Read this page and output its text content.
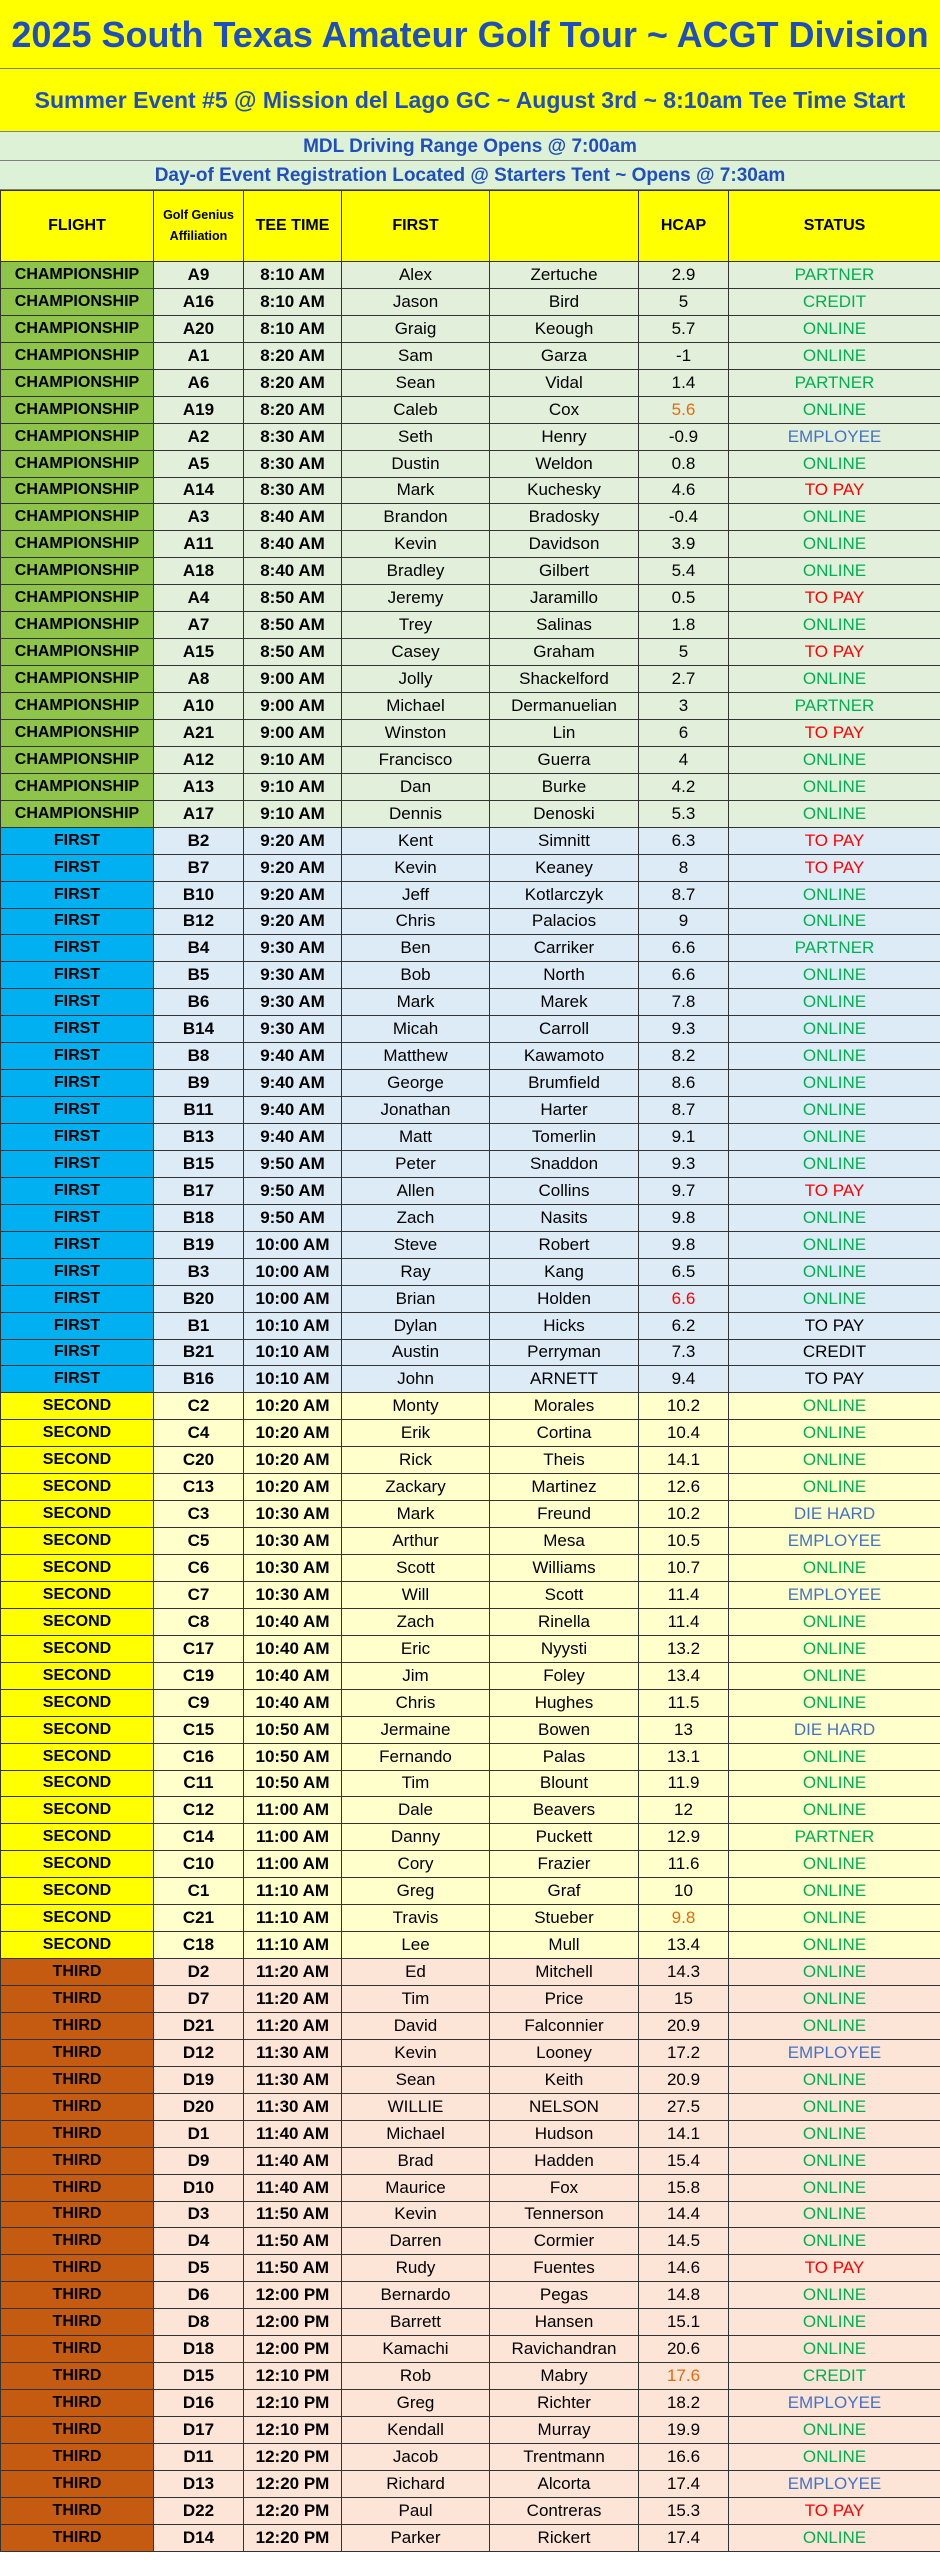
2025 South Texas Amateur Golf Tour ~ ACGT Division
Summer Event #5 @ Mission del Lago GC ~ August 3rd ~ 8:10am Tee Time Start
MDL Driving Range Opens @ 7:00am
Day-of Event Registration Located @ Starters Tent ~ Opens @ 7:30am
FLIGHT	Golf Genius Affiliation	TEE TIME	FIRST		HCAP	STATUS
CHAMPIONSHIP	A9	8:10 AM	Alex	Zertuche	2.9	PARTNER
CHAMPIONSHIP	A16	8:10 AM	Jason	Bird	5	CREDIT
CHAMPIONSHIP	A20	8:10 AM	Graig	Keough	5.7	ONLINE
CHAMPIONSHIP	A1	8:20 AM	Sam	Garza	-1	ONLINE
CHAMPIONSHIP	A6	8:20 AM	Sean	Vidal	1.4	PARTNER
CHAMPIONSHIP	A19	8:20 AM	Caleb	Cox	5.6	ONLINE
CHAMPIONSHIP	A2	8:30 AM	Seth	Henry	-0.9	EMPLOYEE
CHAMPIONSHIP	A5	8:30 AM	Dustin	Weldon	0.8	ONLINE
CHAMPIONSHIP	A14	8:30 AM	Mark	Kuchesky	4.6	TO PAY
CHAMPIONSHIP	A3	8:40 AM	Brandon	Bradosky	-0.4	ONLINE
CHAMPIONSHIP	A11	8:40 AM	Kevin	Davidson	3.9	ONLINE
CHAMPIONSHIP	A18	8:40 AM	Bradley	Gilbert	5.4	ONLINE
CHAMPIONSHIP	A4	8:50 AM	Jeremy	Jaramillo	0.5	TO PAY
CHAMPIONSHIP	A7	8:50 AM	Trey	Salinas	1.8	ONLINE
CHAMPIONSHIP	A15	8:50 AM	Casey	Graham	5	TO PAY
CHAMPIONSHIP	A8	9:00 AM	Jolly	Shackelford	2.7	ONLINE
CHAMPIONSHIP	A10	9:00 AM	Michael	Dermanuelian	3	PARTNER
CHAMPIONSHIP	A21	9:00 AM	Winston	Lin	6	TO PAY
CHAMPIONSHIP	A12	9:10 AM	Francisco	Guerra	4	ONLINE
CHAMPIONSHIP	A13	9:10 AM	Dan	Burke	4.2	ONLINE
CHAMPIONSHIP	A17	9:10 AM	Dennis	Denoski	5.3	ONLINE
FIRST	B2	9:20 AM	Kent	Simnitt	6.3	TO PAY
FIRST	B7	9:20 AM	Kevin	Keaney	8	TO PAY
FIRST	B10	9:20 AM	Jeff	Kotlarczyk	8.7	ONLINE
FIRST	B12	9:20 AM	Chris	Palacios	9	ONLINE
FIRST	B4	9:30 AM	Ben	Carriker	6.6	PARTNER
FIRST	B5	9:30 AM	Bob	North	6.6	ONLINE
FIRST	B6	9:30 AM	Mark	Marek	7.8	ONLINE
FIRST	B14	9:30 AM	Micah	Carroll	9.3	ONLINE
FIRST	B8	9:40 AM	Matthew	Kawamoto	8.2	ONLINE
FIRST	B9	9:40 AM	George	Brumfield	8.6	ONLINE
FIRST	B11	9:40 AM	Jonathan	Harter	8.7	ONLINE
FIRST	B13	9:40 AM	Matt	Tomerlin	9.1	ONLINE
FIRST	B15	9:50 AM	Peter	Snaddon	9.3	ONLINE
FIRST	B17	9:50 AM	Allen	Collins	9.7	TO PAY
FIRST	B18	9:50 AM	Zach	Nasits	9.8	ONLINE
FIRST	B19	10:00 AM	Steve	Robert	9.8	ONLINE
FIRST	B3	10:00 AM	Ray	Kang	6.5	ONLINE
FIRST	B20	10:00 AM	Brian	Holden	6.6	ONLINE
FIRST	B1	10:10 AM	Dylan	Hicks	6.2	TO PAY
FIRST	B21	10:10 AM	Austin	Perryman	7.3	CREDIT
FIRST	B16	10:10 AM	John	ARNETT	9.4	TO PAY
SECOND	C2	10:20 AM	Monty	Morales	10.2	ONLINE
SECOND	C4	10:20 AM	Erik	Cortina	10.4	ONLINE
SECOND	C20	10:20 AM	Rick	Theis	14.1	ONLINE
SECOND	C13	10:20 AM	Zackary	Martinez	12.6	ONLINE
SECOND	C3	10:30 AM	Mark	Freund	10.2	DIE HARD
SECOND	C5	10:30 AM	Arthur	Mesa	10.5	EMPLOYEE
SECOND	C6	10:30 AM	Scott	Williams	10.7	ONLINE
SECOND	C7	10:30 AM	Will	Scott	11.4	EMPLOYEE
SECOND	C8	10:40 AM	Zach	Rinella	11.4	ONLINE
SECOND	C17	10:40 AM	Eric	Nyysti	13.2	ONLINE
SECOND	C19	10:40 AM	Jim	Foley	13.4	ONLINE
SECOND	C9	10:40 AM	Chris	Hughes	11.5	ONLINE
SECOND	C15	10:50 AM	Jermaine	Bowen	13	DIE HARD
SECOND	C16	10:50 AM	Fernando	Palas	13.1	ONLINE
SECOND	C11	10:50 AM	Tim	Blount	11.9	ONLINE
SECOND	C12	11:00 AM	Dale	Beavers	12	ONLINE
SECOND	C14	11:00 AM	Danny	Puckett	12.9	PARTNER
SECOND	C10	11:00 AM	Cory	Frazier	11.6	ONLINE
SECOND	C1	11:10 AM	Greg	Graf	10	ONLINE
SECOND	C21	11:10 AM	Travis	Stueber	9.8	ONLINE
SECOND	C18	11:10 AM	Lee	Mull	13.4	ONLINE
THIRD	D2	11:20 AM	Ed	Mitchell	14.3	ONLINE
THIRD	D7	11:20 AM	Tim	Price	15	ONLINE
THIRD	D21	11:20 AM	David	Falconnier	20.9	ONLINE
THIRD	D12	11:30 AM	Kevin	Looney	17.2	EMPLOYEE
THIRD	D19	11:30 AM	Sean	Keith	20.9	ONLINE
THIRD	D20	11:30 AM	WILLIE	NELSON	27.5	ONLINE
THIRD	D1	11:40 AM	Michael	Hudson	14.1	ONLINE
THIRD	D9	11:40 AM	Brad	Hadden	15.4	ONLINE
THIRD	D10	11:40 AM	Maurice	Fox	15.8	ONLINE
THIRD	D3	11:50 AM	Kevin	Tennerson	14.4	ONLINE
THIRD	D4	11:50 AM	Darren	Cormier	14.5	ONLINE
THIRD	D5	11:50 AM	Rudy	Fuentes	14.6	TO PAY
THIRD	D6	12:00 PM	Bernardo	Pegas	14.8	ONLINE
THIRD	D8	12:00 PM	Barrett	Hansen	15.1	ONLINE
THIRD	D18	12:00 PM	Kamachi	Ravichandran	20.6	ONLINE
THIRD	D15	12:10 PM	Rob	Mabry	17.6	CREDIT
THIRD	D16	12:10 PM	Greg	Richter	18.2	EMPLOYEE
THIRD	D17	12:10 PM	Kendall	Murray	19.9	ONLINE
THIRD	D11	12:20 PM	Jacob	Trentmann	16.6	ONLINE
THIRD	D13	12:20 PM	Richard	Alcorta	17.4	EMPLOYEE
THIRD	D22	12:20 PM	Paul	Contreras	15.3	TO PAY
THIRD	D14	12:20 PM	Parker	Rickert	17.4	ONLINE
